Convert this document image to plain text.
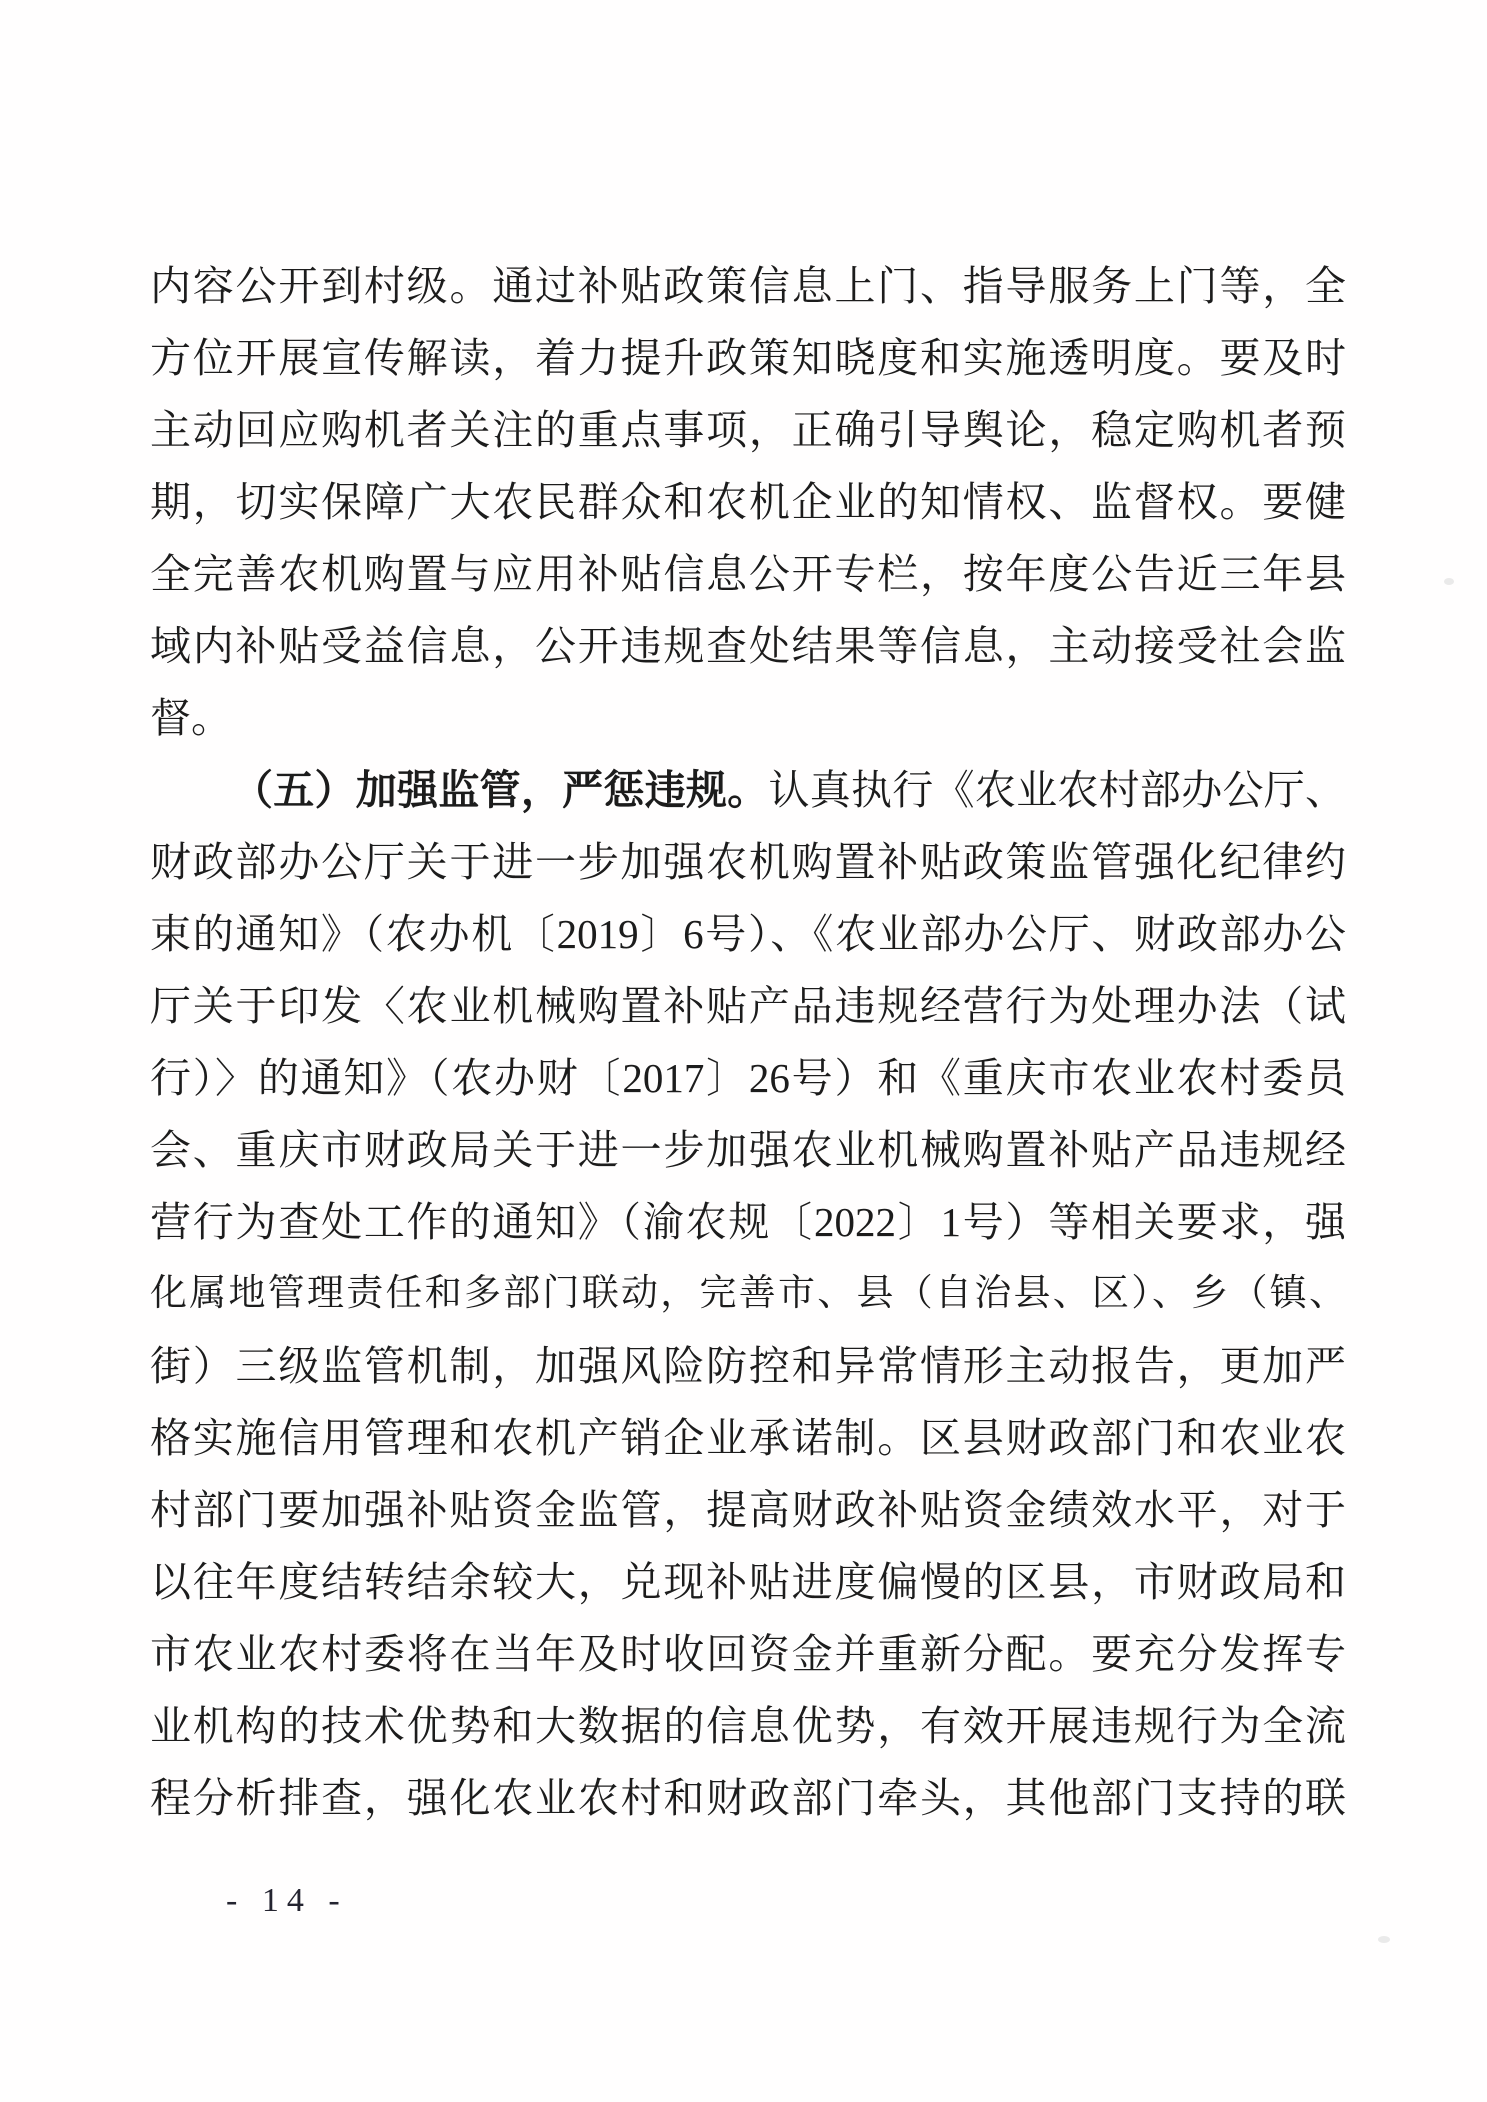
内容公开到村级。通过补贴政策信息上门、指导服务上门等，全
方位开展宣传解读，着力提升政策知晓度和实施透明度。要及时
主动回应购机者关注的重点事项，正确引导舆论，稳定购机者预
期，切实保障广大农民群众和农机企业的知情权、监督权。要健
全完善农机购置与应用补贴信息公开专栏，按年度公告近三年县
域内补贴受益信息，公开违规查处结果等信息，主动接受社会监
督。
（五）加强监管，严惩违规。认真执行《农业农村部办公厅、
财政部办公厅关于进一步加强农机购置补贴政策监管强化纪律约
束的通知》（农办机〔2019〕6号）、《农业部办公厅、财政部办公
厅关于印发〈农业机械购置补贴产品违规经营行为处理办法（试
行）〉的通知》（农办财〔2017〕26号）和《重庆市农业农村委员
会、重庆市财政局关于进一步加强农业机械购置补贴产品违规经
营行为查处工作的通知》（渝农规〔2022〕1号）等相关要求，强
化属地管理责任和多部门联动，完善市、县（自治县、区）、乡（镇、
街）三级监管机制，加强风险防控和异常情形主动报告，更加严
格实施信用管理和农机产销企业承诺制。区县财政部门和农业农
村部门要加强补贴资金监管，提高财政补贴资金绩效水平，对于
以往年度结转结余较大，兑现补贴进度偏慢的区县，市财政局和
市农业农村委将在当年及时收回资金并重新分配。要充分发挥专
业机构的技术优势和大数据的信息优势，有效开展违规行为全流
程分析排查，强化农业农村和财政部门牵头，其他部门支持的联
- 14 -
